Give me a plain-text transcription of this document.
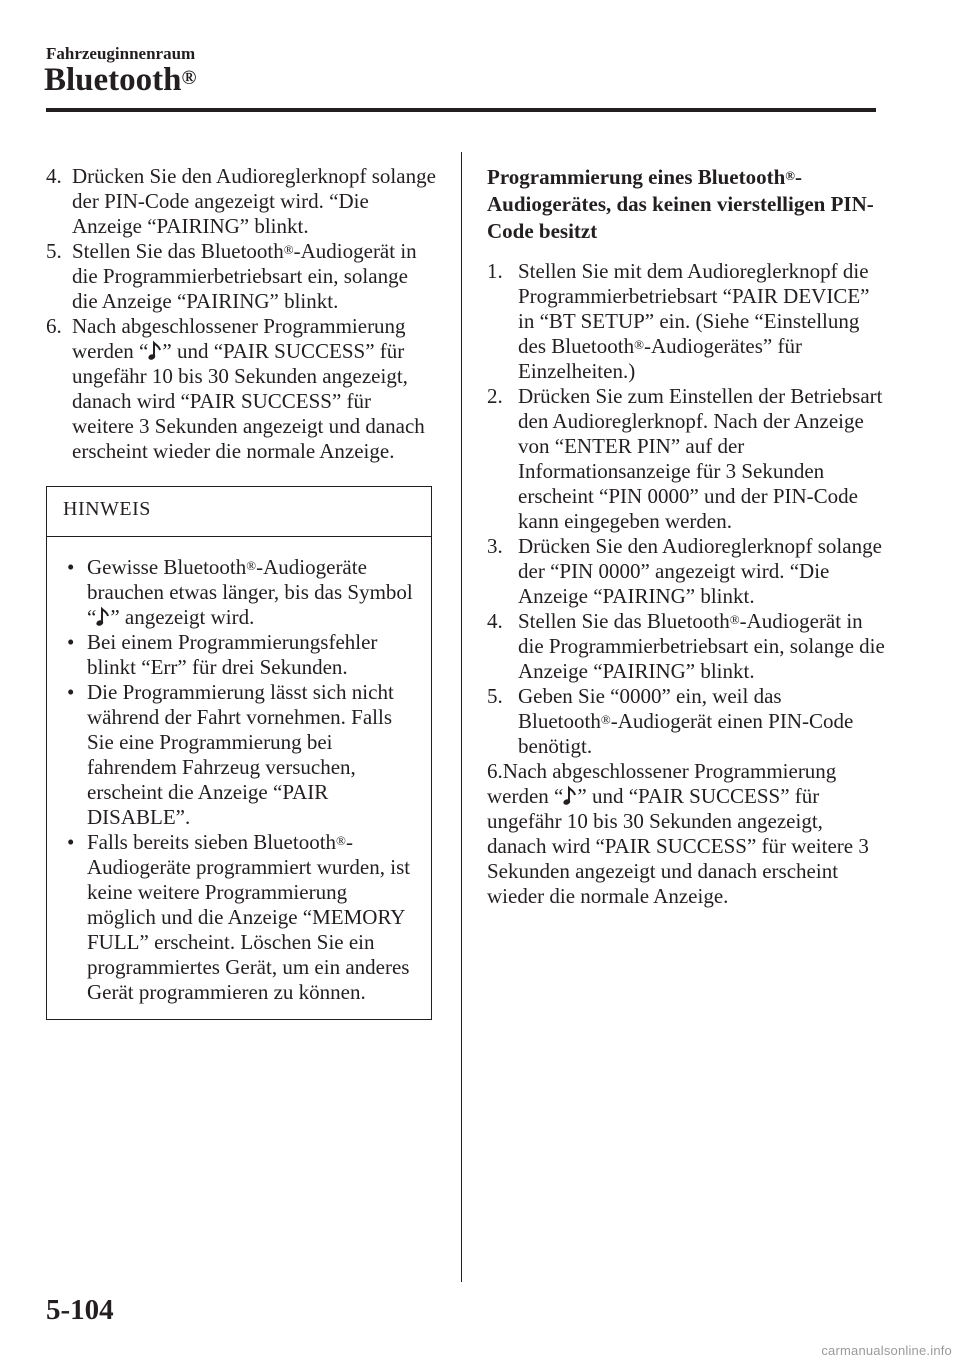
Fahrzeuginnenraum
Bluetooth®
4. Drücken Sie den Audioreglerknopf solange der PIN-Code angezeigt wird. “Die Anzeige “PAIRING” blinkt.
5. Stellen Sie das Bluetooth®-Audiogerät in die Programmierbetriebsart ein, solange die Anzeige “PAIRING” blinkt.
6. Nach abgeschlossener Programmierung werden “ ” und “PAIR SUCCESS” für ungefähr 10 bis 30 Sekunden angezeigt, danach wird “PAIR SUCCESS” für weitere 3 Sekunden angezeigt und danach erscheint wieder die normale Anzeige.
HINWEIS
• Gewisse Bluetooth®-Audiogeräte brauchen etwas länger, bis das Symbol “ ” angezeigt wird.
• Bei einem Programmierungsfehler blinkt “Err” für drei Sekunden.
• Die Programmierung lässt sich nicht während der Fahrt vornehmen. Falls Sie eine Programmierung bei fahrendem Fahrzeug versuchen, erscheint die Anzeige “PAIR DISABLE”.
• Falls bereits sieben Bluetooth®-Audiogeräte programmiert wurden, ist keine weitere Programmierung möglich und die Anzeige “MEMORY FULL” erscheint. Löschen Sie ein programmiertes Gerät, um ein anderes Gerät programmieren zu können.
Programmierung eines Bluetooth®-Audiogerätes, das keinen vierstelligen PIN-Code besitzt
1. Stellen Sie mit dem Audioreglerknopf die Programmierbetriebsart “PAIR DEVICE” in “BT SETUP” ein. (Siehe “Einstellung des Bluetooth®-Audiogerätes” für Einzelheiten.)
2. Drücken Sie zum Einstellen der Betriebsart den Audioreglerknopf. Nach der Anzeige von “ENTER PIN” auf der Informationsanzeige für 3 Sekunden erscheint “PIN 0000” und der PIN-Code kann eingegeben werden.
3. Drücken Sie den Audioreglerknopf solange der “PIN 0000” angezeigt wird. “Die Anzeige “PAIRING” blinkt.
4. Stellen Sie das Bluetooth®-Audiogerät in die Programmierbetriebsart ein, solange die Anzeige “PAIRING” blinkt.
5. Geben Sie “0000” ein, weil das Bluetooth®-Audiogerät einen PIN-Code benötigt.
6.Nach abgeschlossener Programmierung werden “ ” und “PAIR SUCCESS” für ungefähr 10 bis 30 Sekunden angezeigt, danach wird “PAIR SUCCESS” für weitere 3 Sekunden angezeigt und danach erscheint wieder die normale Anzeige.
5-104
carmanualsonline.info
